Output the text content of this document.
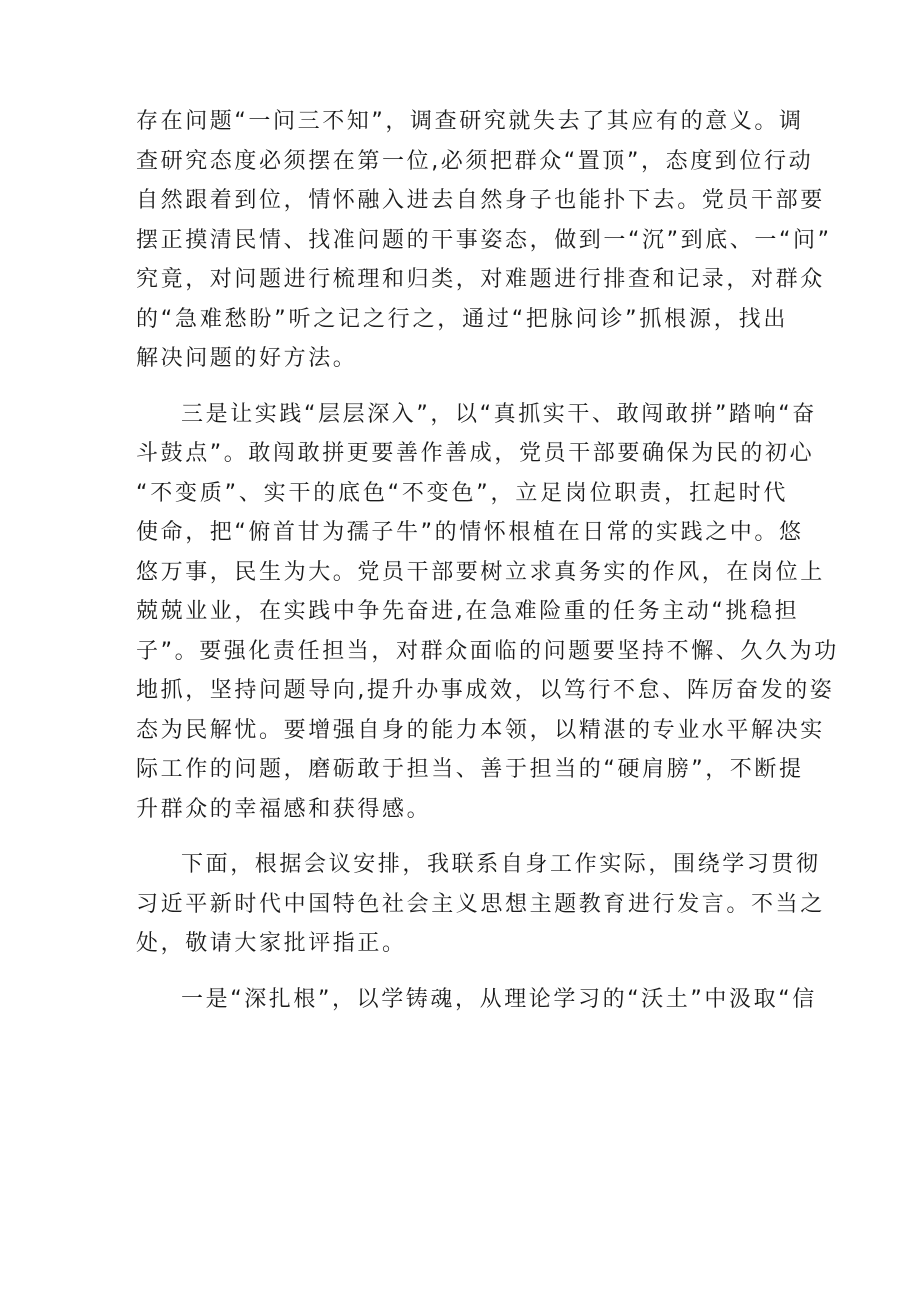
存在问题“一问三不知”，调查研究就失去了其应有的意义。调
查研究态度必须摆在第一位,必须把群众“置顶”，态度到位行动
自然跟着到位，情怀融入进去自然身子也能扑下去。党员干部要
摆正摸清民情、找准问题的干事姿态，做到一“沉”到底、一“问”
究竟，对问题进行梳理和归类，对难题进行排查和记录，对群众
的“急难愁盼”听之记之行之，通过“把脉问诊”抓根源，找出
解决问题的好方法。
三是让实践“层层深入”，以“真抓实干、敢闯敢拼”踏响“奋
斗鼓点”。敢闯敢拼更要善作善成，党员干部要确保为民的初心
“不变质”、实干的底色“不变色”，立足岗位职责，扛起时代
使命，把“俯首甘为孺子牛”的情怀根植在日常的实践之中。悠
悠万事，民生为大。党员干部要树立求真务实的作风，在岗位上
兢兢业业，在实践中争先奋进,在急难险重的任务主动“挑稳担
子”。要强化责任担当，对群众面临的问题要坚持不懈、久久为功
地抓，坚持问题导向,提升办事成效，以笃行不怠、阵厉奋发的姿
态为民解忧。要增强自身的能力本领，以精湛的专业水平解决实
际工作的问题，磨砺敢于担当、善于担当的“硬肩膀”，不断提
升群众的幸福感和获得感。
下面，根据会议安排，我联系自身工作实际，围绕学习贯彻
习近平新时代中国特色社会主义思想主题教育进行发言。不当之
处，敬请大家批评指正。
一是“深扎根”，以学铸魂，从理论学习的“沃土”中汲取“信
